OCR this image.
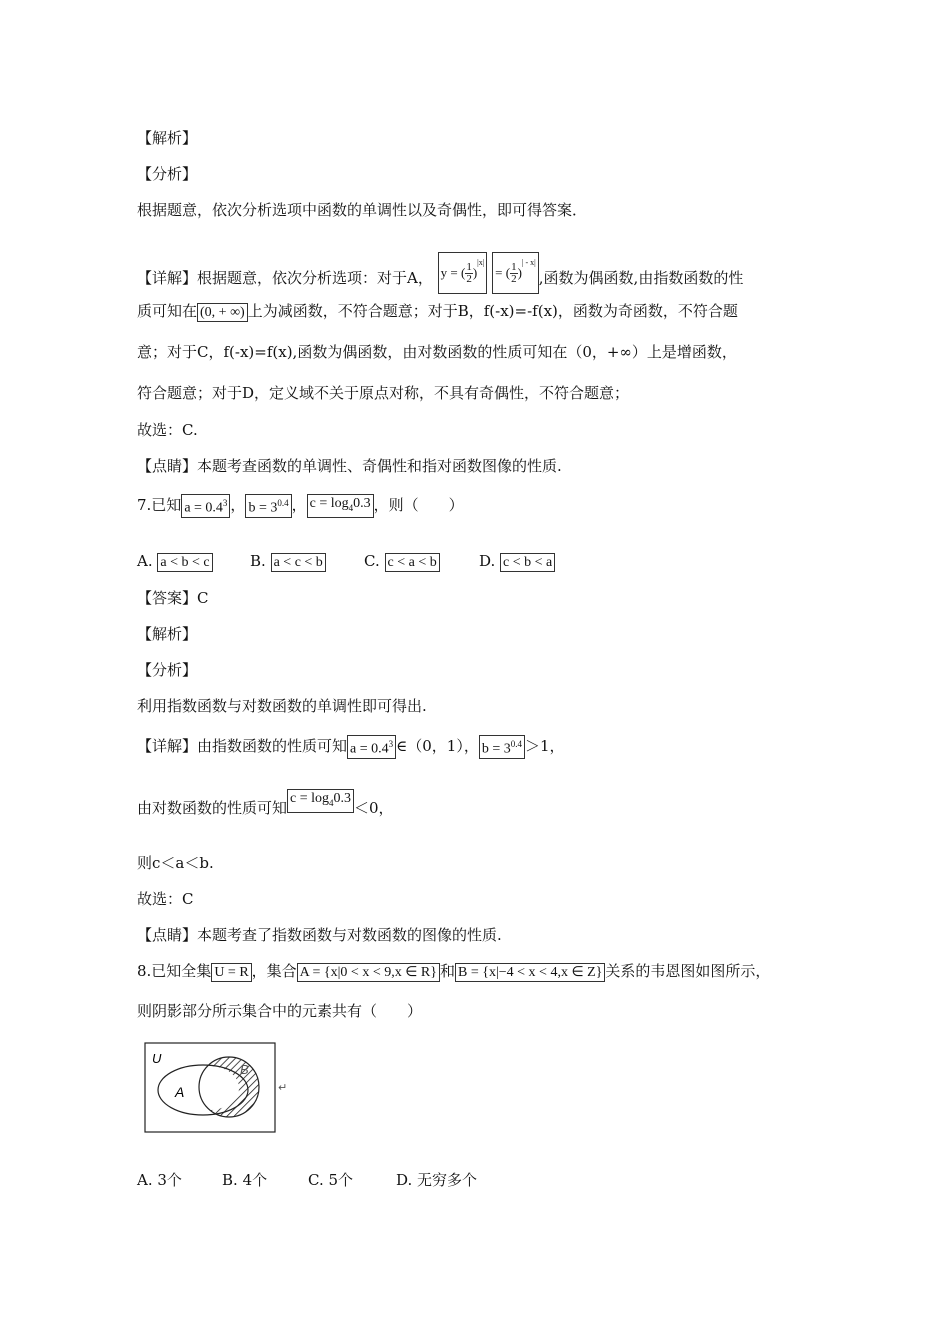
【解析】
【分析】
根据题意，依次分析选项中函数的单调性以及奇偶性，即可得答案．
【详解】根据题意，依次分析选项：对于A， y = ( $\frac{1}{2}$ )
$^{|x|}$

= ( $\frac{1}{2}$ )
$^{| - x|}$
,函数为偶函数,由指数函数的性
质可知在 (0, + ∞) 上为减函数，不符合题意；对于B，f(-x)=-f(x)，函数为奇函数，不符合题
意；对于C，f(-x)=f(x),函数为偶函数，由对数函数的性质可知在（0，+∞）上是增函数，
符合题意；对于D，定义域不关于原点对称，不具有奇偶性，不符合题意；
故选：C.
【点睛】本题考查函数的单调性、奇偶性和指对函数图像的性质.
7.已知 $a = 0.4^3$ ， $b = 3^{0.4}$ ， $c = \log_40.3$ ，则（　　）
A. a < b < c	B. a < c < b	C. c < a < b	D. c < b < a
【答案】C
【解析】
【分析】
利用指数函数与对数函数的单调性即可得出.
【详解】由指数函数的性质可知 $a = 0.4^3$ ∈（0，1）， $b = 3^{0.4} >1$，
由对数函数的性质可知$c = \log_40.3<0$，
则c＜a＜b.
故选：C
【点睛】本题考查了指数函数与对数函数的图像的性质.
8.已知全集 U = R ，集合 A = {x|0 < x < 9,x ∈ R} 和 B = {x|−4 < x < 4,x ∈ Z} 关系的韦恩图如图所示，
则阴影部分所示集合中的元素共有（　　）
U
A
B
↵
A. 3个	B. 4个	C. 5个	D. 无穷多个
